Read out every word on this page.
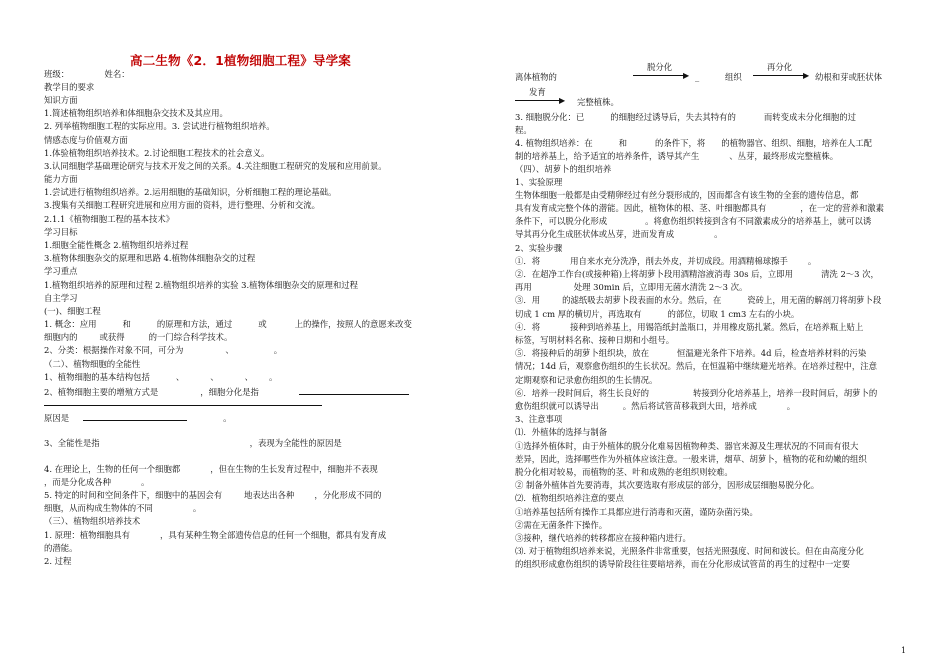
高二生物《2．1植物细胞工程》导学案
班级：	姓名：
教学目的要求
知识方面
1.简述植物组织培养和体细胞杂交技术及其应用。
2. 列举植物细胞工程的实际应用。3. 尝试进行植物组织培养。
情感态度与价值观方面
1.体验植物组织培养技术。2.讨论细胞工程技术的社会意义。
3.认同细胞学基础理论研究与技术开发之间的关系。4.关注细胞工程研究的发展和应用前景。
能力方面
1.尝试进行植物组织培养。2.运用细胞的基础知识，分析细胞工程的理论基础。
3.搜集有关细胞工程研究进展和应用方面的资料，进行整理、分析和交流。
2.1.1《植物细胞工程的基本技术》
学习目标
1.细胞全能性概念 2.植物组织培养过程
3.植物体细胞杂交的原理和思路 4.植物体细胞杂交的过程
学习重点
1.植物组织培养的原理和过程 2.植物组织培养的实验 3.植物体细胞杂交的原理和过程
自主学习
(一)、细胞工程
1. 概念：应用	和	的原理和方法，通过	或	上的操作，按照人的意愿来改变
细胞内的	或获得	的一门综合科学技术。
2、分类：根据操作对象不同，可分为	、	。
（二）、植物细胞的全能性
1、植物细胞的基本结构包括	、	、	、 。
2、植物细胞主要的增殖方式是	，细胞分化是指
原因是	。
3、全能性是指	，表现为全能性的原因是
4. 在理论上，生物的任何一个细胞都	，但在生物的生长发育过程中，细胞并不表现
，而是分化成各种	。
5. 特定的时间和空间条件下，细胞中的基因会有	地表达出各种 ，分化形成不同的
细胞，从而构成生物体的不同	。
（三）、植物组织培养技术
1. 原理：植物细胞具有	，具有某种生物全部遗传信息的任何一个细胞，都具有发育成
的潜能。
2. 过程
离体植物的
脱分化
▶ _	组织
再分化
▶ 幼根和芽或胚状体
发育
▶ 完整植株。
3. 细胞脱分化：已	的细胞经过诱导后，失去其特有的	而转变成未分化细胞的过
程。
4. 植物组织培养：在	和	的条件下，将 的植物器官、组织、细胞，培养在人工配
制的培养基上，给予适宜的培养条件，诱导其产生	、丛芽，最终形成完整植株。
（四）、胡萝卜的组织培养
1、实验原理
生物体细胞一般都是由受精卵经过有丝分裂形成的，因而都含有该生物的全套的遗传信息，都
具有发育成完整个体的潜能。因此，植物体的根、茎、叶细胞都具有	，在一定的营养和激素
条件下，可以脱分化形成	。将愈伤组织转接到含有不同激素成分的培养基上，就可以诱
导其再分化生成胚状体或丛芽，进而发育成	。
2、实验步骤
①．将	用自来水充分洗净，削去外皮，并切成段。用酒精棉球擦手 。
②．在超净工作台(或接种箱)上将胡萝卜段用酒精溶液消毒 30s 后，立即用	清洗 2～3 次，
再用	处理 30min 后，立即用无菌水清洗 2～3 次。
③．用	的滤纸吸去胡萝卜段表面的水分。然后，在	瓷砖上，用无菌的解剖刀将胡萝卜段
切成 1 cm 厚的横切片，再选取有	的部位，切取 1 cm3 左右的小块。
④．将	接种到培养基上，用锡箔纸封盖瓶口，并用橡皮筋扎紧。然后，在培养瓶上贴上
标签，写明材料名称、接种日期和小组号。
⑤．将接种后的胡萝卜组织块，放在	恒温避光条件下培养。4d 后，检查培养材料的污染
情况；14d 后，观察愈伤组织的生长状况。然后，在恒温箱中继续避光培养。在培养过程中，注意
定期观察和记录愈伤组织的生长情况。
⑥．培养一段时间后，将生长良好的	转接到分化培养基上，培养一段时间后，胡萝卜的
愈伤组织就可以诱导出	。然后将试管苗移栽到大田，培养成	。
3、注意事项
⑴．外植体的选择与制备
①选择外植体时，由于外植体的脱分化难易因植物种类、器官来源及生理状况的不同而有很大
差异，因此，选择哪些作为外植体应该注意。一般来讲，烟草、胡萝卜，植物的花和幼嫩的组织
脱分化相对较易，而植物的茎、叶和成熟的老组织则较难。
② 制备外植体首先要消毒，其次要选取有形成层的部分，因形成层细胞易脱分化。
⑵．植物组织培养注意的要点
①培养基包括所有操作工具都应进行消毒和灭菌，谨防杂菌污染。
②需在无菌条件下操作。
③接种，继代培养的转移都应在接种箱内进行。
⑶. 对于植物组织培养来说，光照条件非常重要，包括光照强度、时间和波长。但在由高度分化
的组织形成愈伤组织的诱导阶段往往要暗培养，而在分化形成试管苗的再生的过程中一定要
1
